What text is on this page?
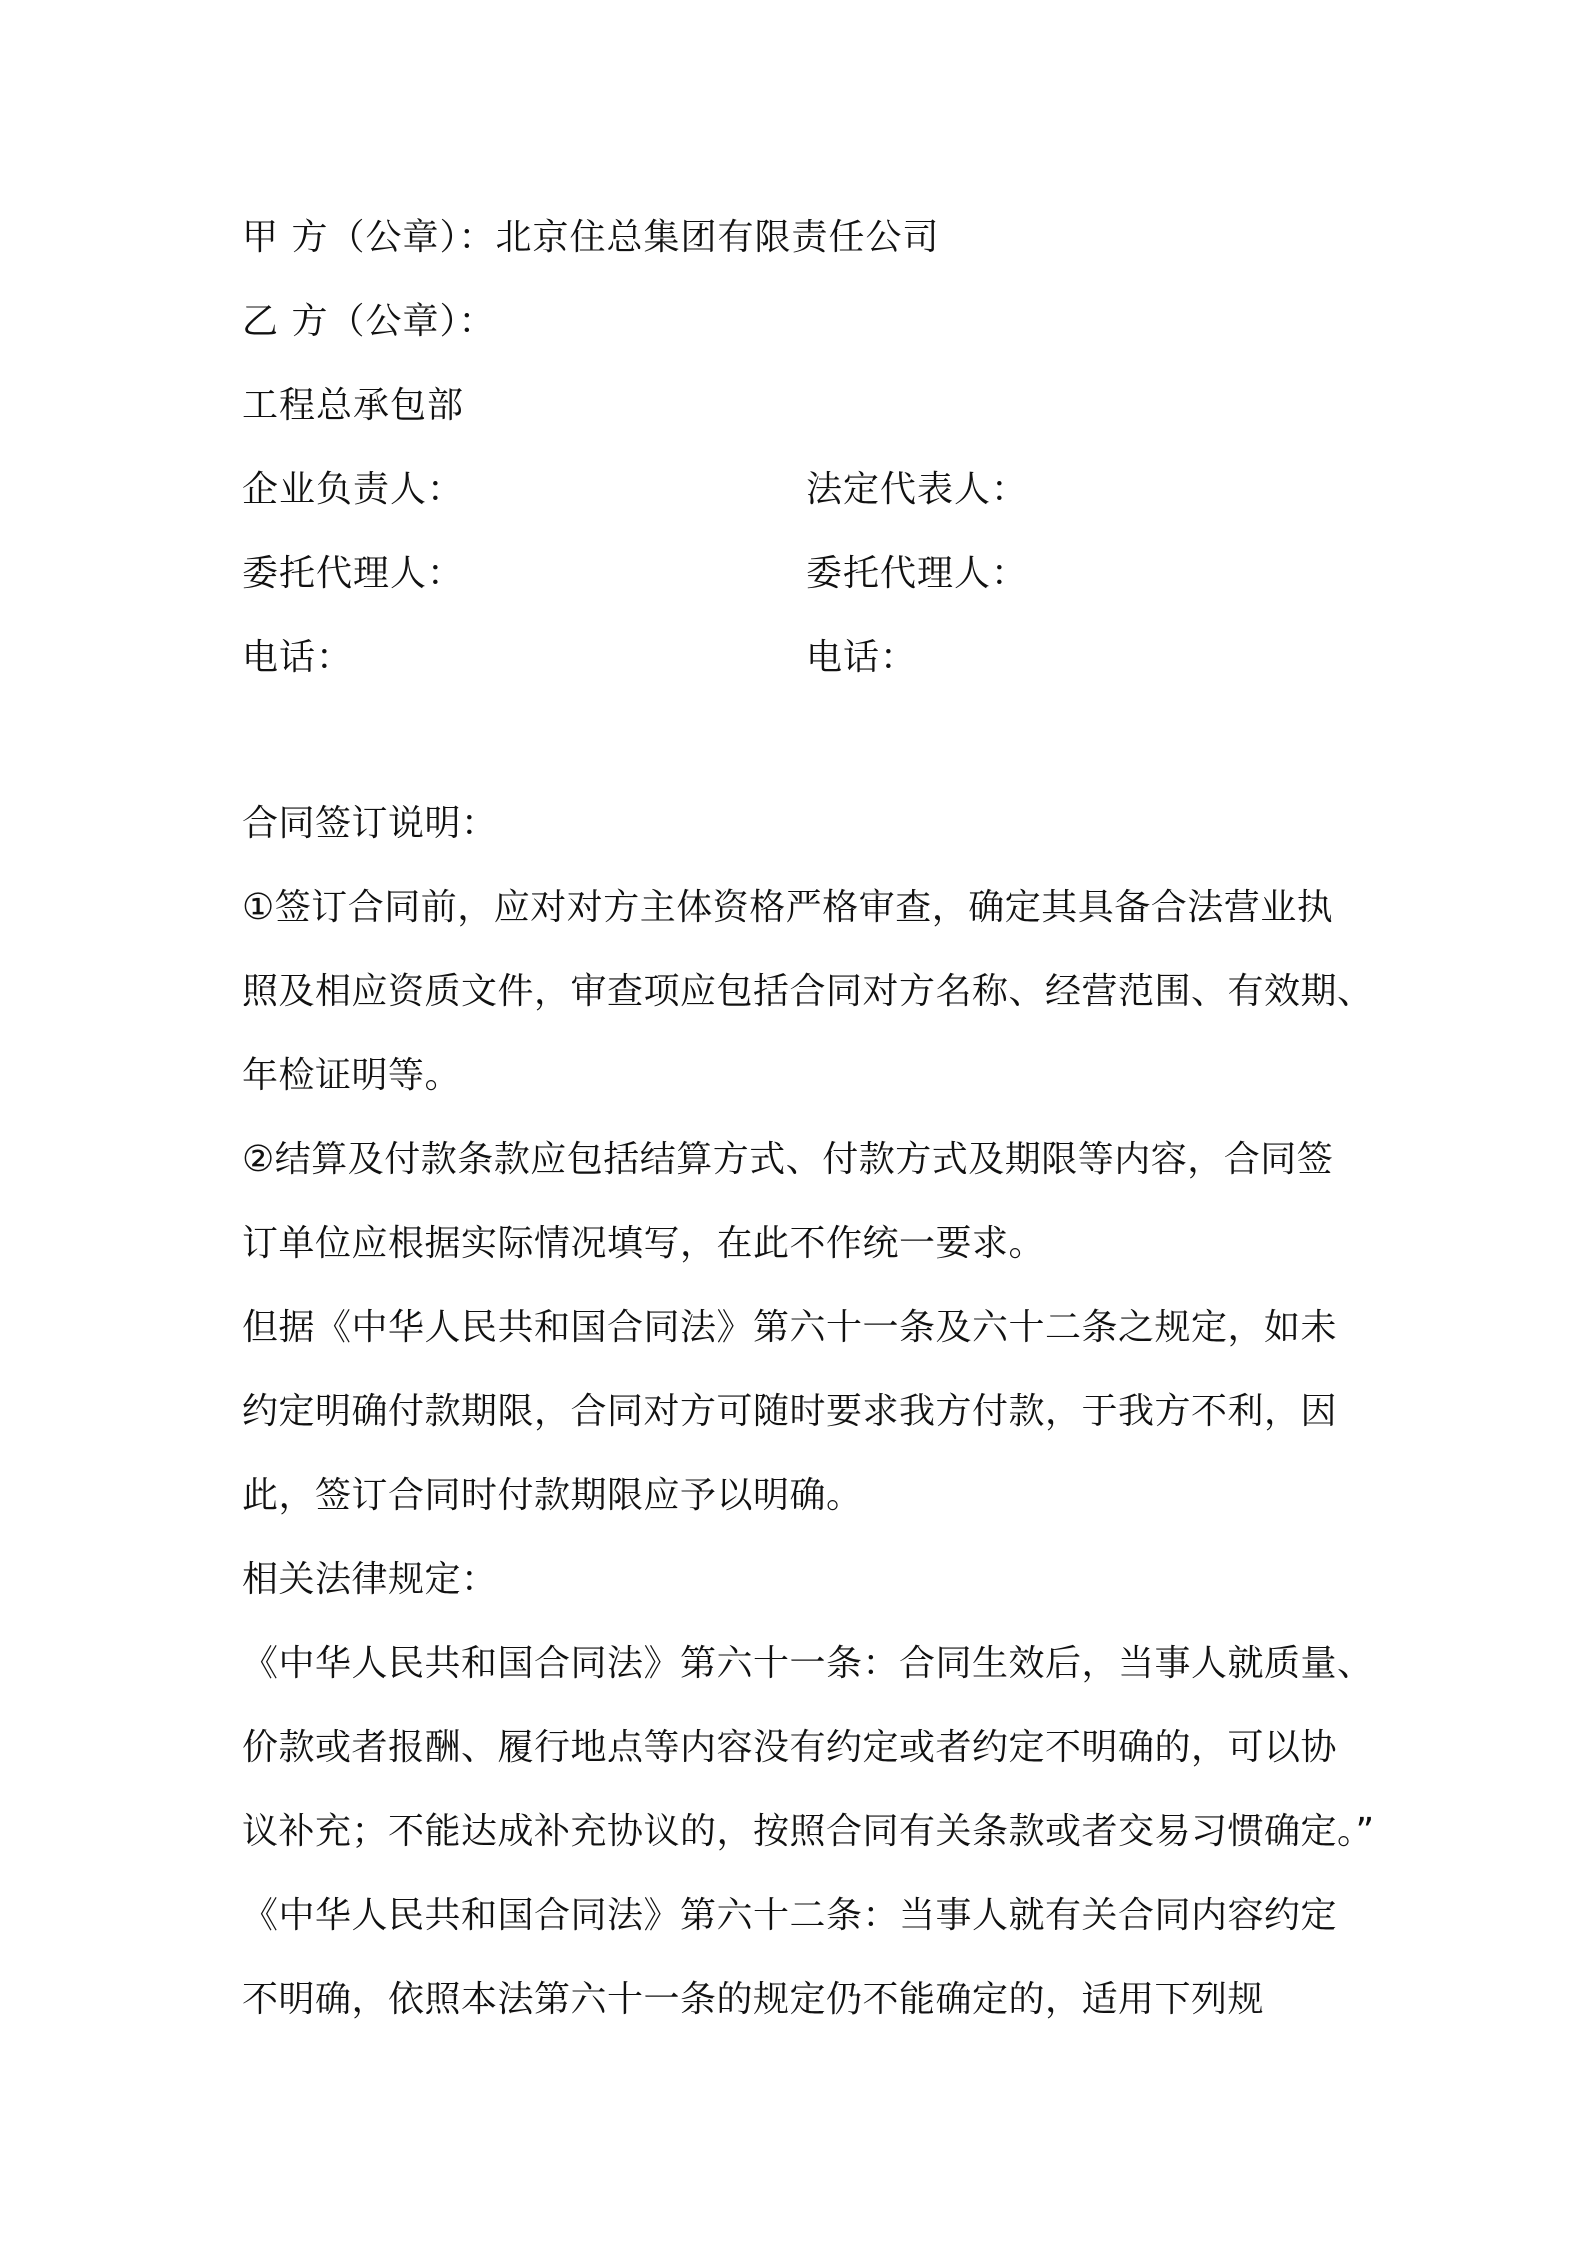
甲 方（公章）：北京住总集团有限责任公司
乙 方（公章）：
工程总承包部
企业负责人：	法定代表人：
委托代理人：	委托代理人：
电话：	电话：
合同签订说明：
①签订合同前，应对对方主体资格严格审查，确定其具备合法营业执
照及相应资质文件，审查项应包括合同对方名称、经营范围、有效期、
年检证明等。
②结算及付款条款应包括结算方式、付款方式及期限等内容，合同签
订单位应根据实际情况填写，在此不作统一要求。
但据《中华人民共和国合同法》第六十一条及六十二条之规定，如未
约定明确付款期限，合同对方可随时要求我方付款，于我方不利，因
此，签订合同时付款期限应予以明确。
相关法律规定：
《中华人民共和国合同法》第六十一条：合同生效后，当事人就质量、
价款或者报酬、履行地点等内容没有约定或者约定不明确的，可以协
议补充；不能达成补充协议的，按照合同有关条款或者交易习惯确定。”
《中华人民共和国合同法》第六十二条：当事人就有关合同内容约定
不明确，依照本法第六十一条的规定仍不能确定的，适用下列规
